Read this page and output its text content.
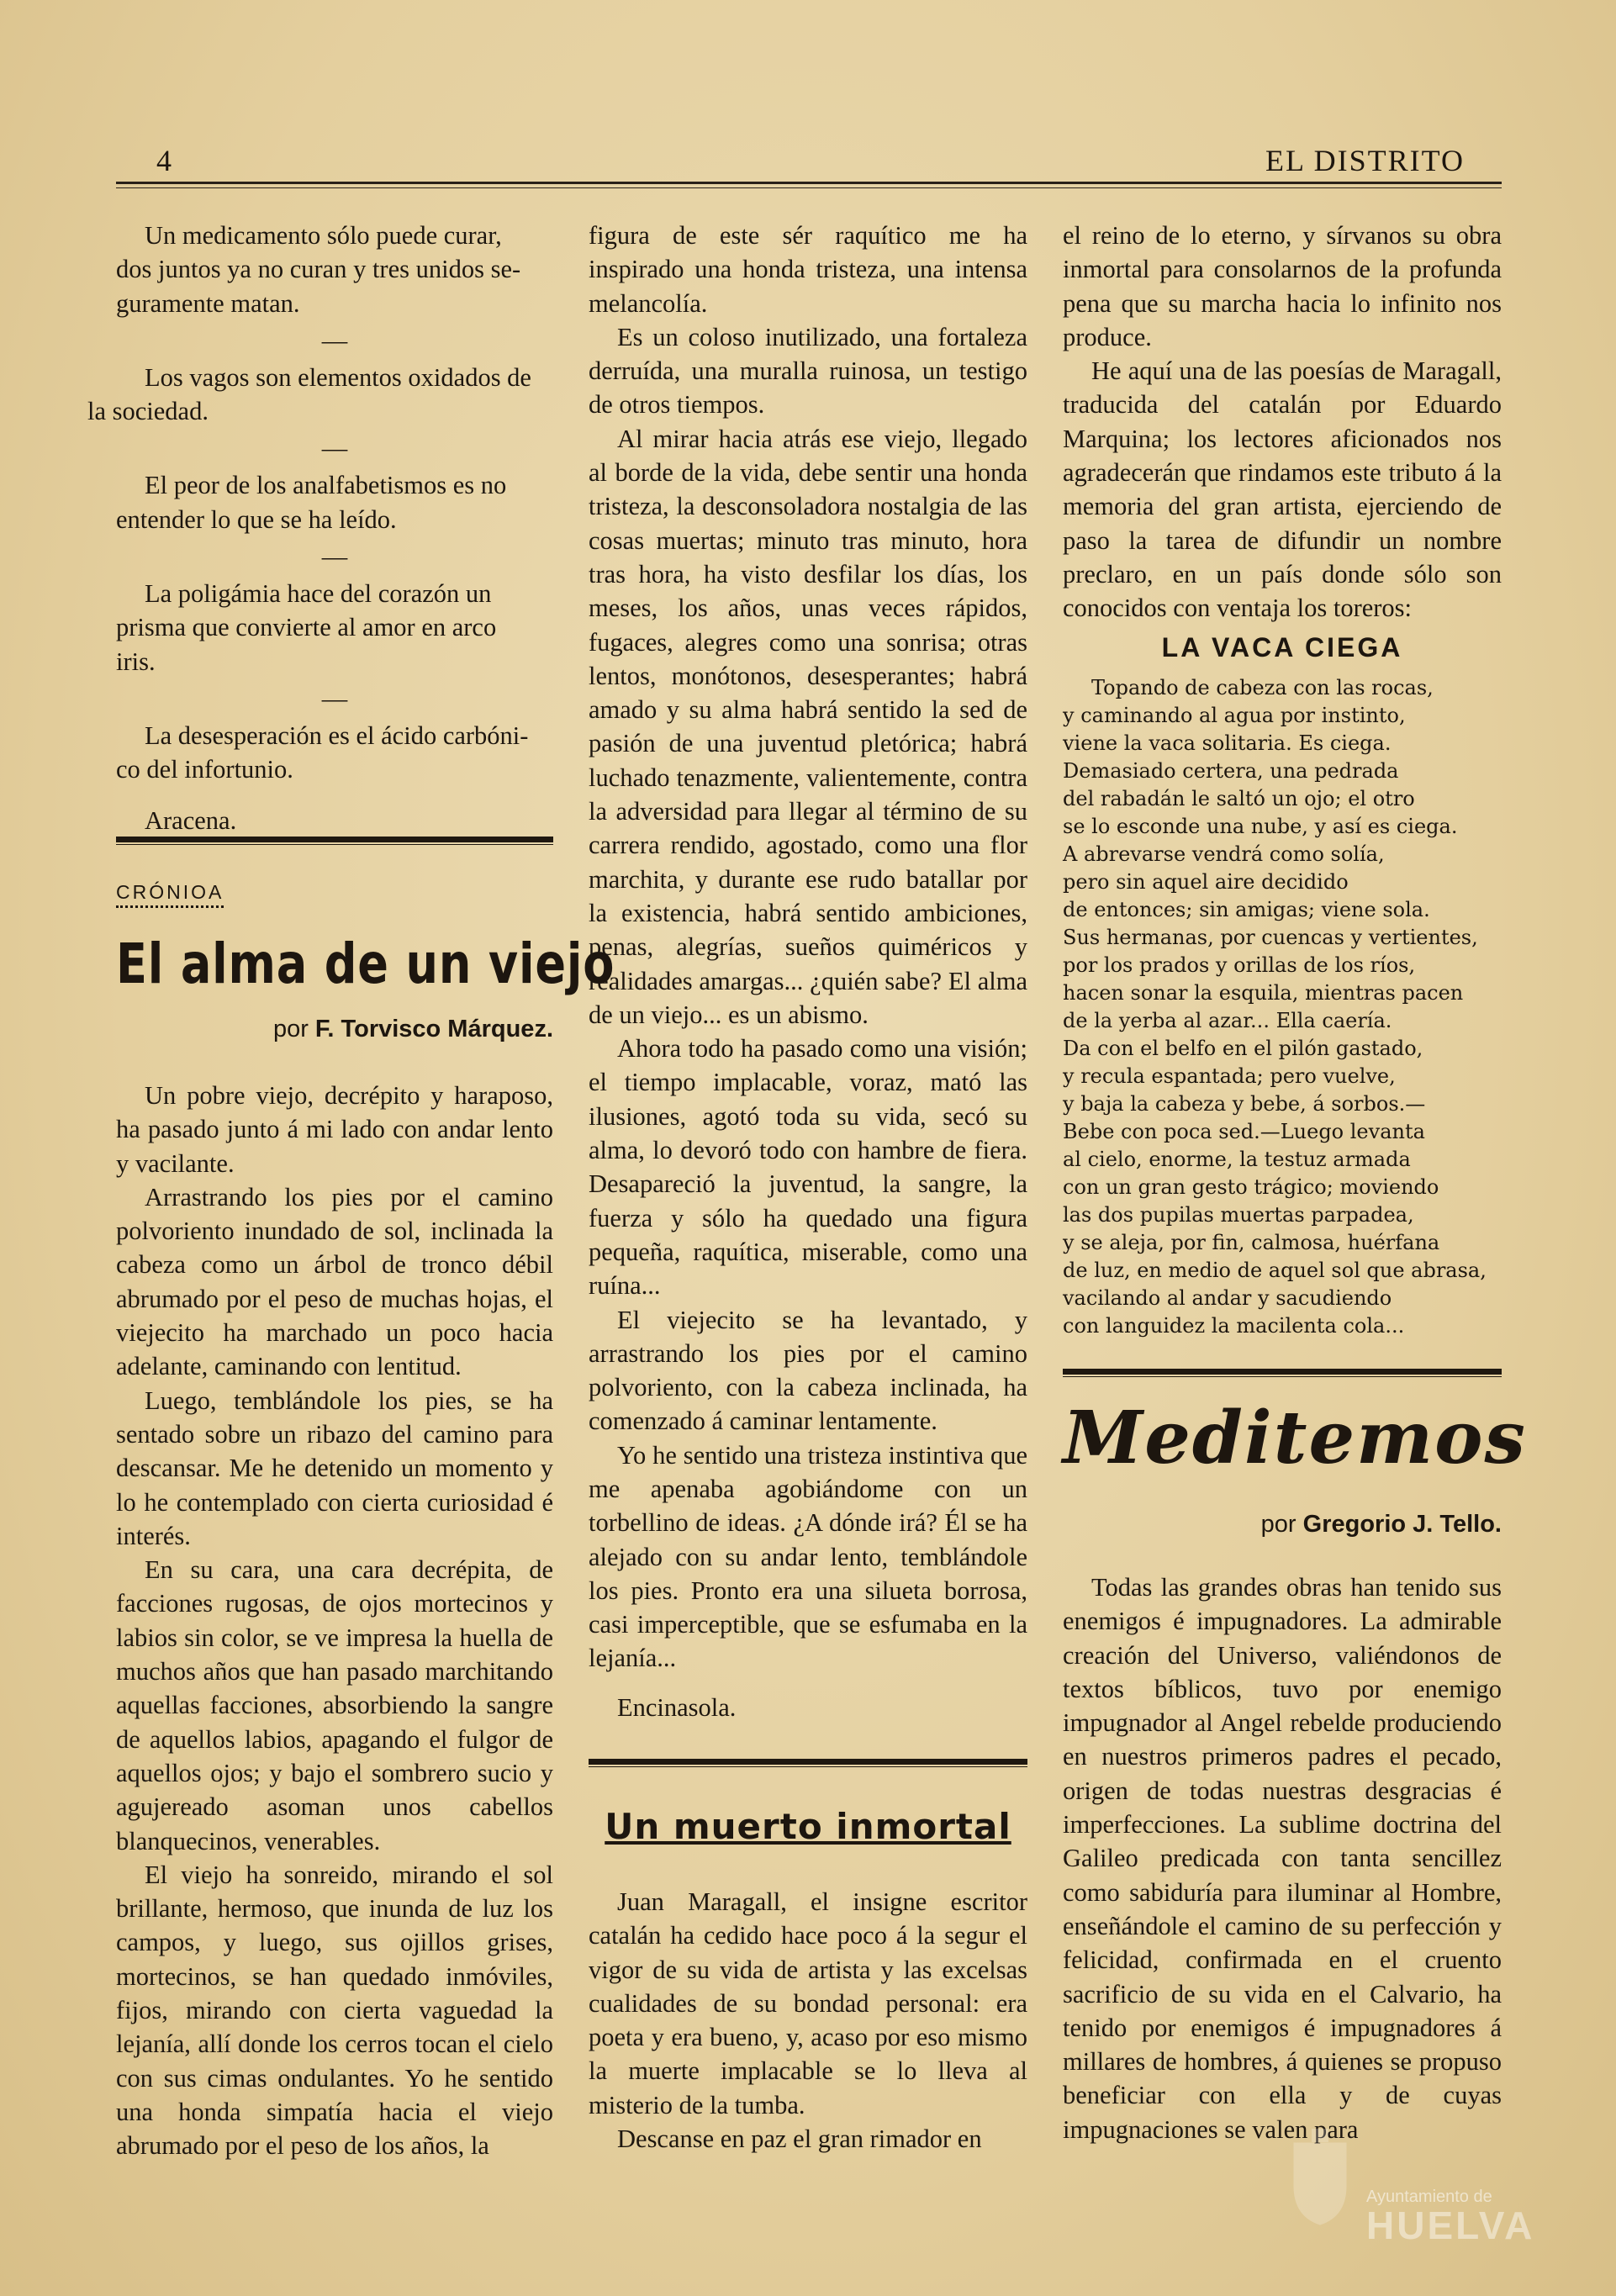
4	EL DISTRITO

Un medicamento sólo puede curar,
dos juntos ya no curan y tres unidos se-
guramente matan.

—

Los vagos son elementos oxidados de
la sociedad.

—

El peor de los analfabetismos es no
entender lo que se ha leído.

—

La poligámia hace del corazón un
prisma que convierte al amor en arco
iris.

—

La desesperación es el ácido carbóni-
co del infortunio.

Aracena.

CRÓNIOA
El alma de un viejo
por F. Torvisco Márquez.

Un pobre viejo, decrépito y haraposo, ha pasado junto á mi lado con andar lento y vacilante.

Arrastrando los pies por el camino polvoriento inundado de sol, inclinada la cabeza como un árbol de tronco débil abrumado por el peso de muchas hojas, el viejecito ha marchado un poco hacia adelante, caminando con lentitud.

Luego, temblándole los pies, se ha sentado sobre un ribazo del camino para descansar. Me he detenido un momento y lo he contemplado con cierta curiosidad é interés.

En su cara, una cara decrépita, de facciones rugosas, de ojos mortecinos y labios sin color, se ve impresa la huella de muchos años que han pasado marchitando aquellas facciones, absorbiendo la sangre de aquellos labios, apagando el fulgor de aquellos ojos; y bajo el sombrero sucio y agujereado asoman unos cabellos blanquecinos, venerables.

El viejo ha sonreido, mirando el sol brillante, hermoso, que inunda de luz los campos, y luego, sus ojillos grises, mortecinos, se han quedado inmóviles, fijos, mirando con cierta vaguedad la lejanía, allí donde los cerros tocan el cielo con sus cimas ondulantes. Yo he sentido una honda simpatía hacia el viejo abrumado por el peso de los años, la

figura de este sér raquítico me ha inspirado una honda tristeza, una intensa melancolía.

Es un coloso inutilizado, una fortaleza derruída, una muralla ruinosa, un testigo de otros tiempos.

Al mirar hacia atrás ese viejo, llegado al borde de la vida, debe sentir una honda tristeza, la desconsoladora nostalgia de las cosas muertas; minuto tras minuto, hora tras hora, ha visto desfilar los días, los meses, los años, unas veces rápidos, fugaces, alegres como una sonrisa; otras lentos, monótonos, desesperantes; habrá amado y su alma habrá sentido la sed de pasión de una juventud pletórica; habrá luchado tenazmente, valientemente, contra la adversidad para llegar al término de su carrera rendido, agostado, como una flor marchita, y durante ese rudo batallar por la existencia, habrá sentido ambiciones, penas, alegrías, sueños quiméricos y realidades amargas... ¿quién sabe? El alma de un viejo... es un abismo.

Ahora todo ha pasado como una visión; el tiempo implacable, voraz, mató las ilusiones, agotó toda su vida, secó su alma, lo devoró todo con hambre de fiera. Desapareció la juventud, la sangre, la fuerza y sólo ha quedado una figura pequeña, raquítica, miserable, como una ruína...

El viejecito se ha levantado, y arrastrando los pies por el camino polvoriento, con la cabeza inclinada, ha comenzado á caminar lentamente.

Yo he sentido una tristeza instintiva que me apenaba agobiándome con un torbellino de ideas. ¿A dónde irá? Él se ha alejado con su andar lento, temblándole los pies. Pronto era una silueta borrosa, casi imperceptible, que se esfumaba en la lejanía...

Encinasola.

Un muerto inmortal

Juan Maragall, el insigne escritor catalán ha cedido hace poco á la segur el vigor de su vida de artista y las excelsas cualidades de su bondad personal: era poeta y era bueno, y, acaso por eso mismo la muerte implacable se lo lleva al misterio de la tumba.

Descanse en paz el gran rimador en

el reino de lo eterno, y sírvanos su obra inmortal para consolarnos de la profunda pena que su marcha hacia lo infinito nos produce.

He aquí una de las poesías de Maragall, traducida del catalán por Eduardo Marquina; los lectores aficionados nos agradecerán que rindamos este tributo á la memoria del gran artista, ejerciendo de paso la tarea de difundir un nombre preclaro, en un país donde sólo son conocidos con ventaja los toreros:

LA VACA CIEGA
Topando de cabeza con las rocas,
y caminando al agua por instinto,
viene la vaca solitaria. Es ciega.
Demasiado certera, una pedrada
del rabadán le saltó un ojo; el otro
se lo esconde una nube, y así es ciega.
A abrevarse vendrá como solía,
pero sin aquel aire decidido
de entonces; sin amigas; viene sola.
Sus hermanas, por cuencas y vertientes,
por los prados y orillas de los ríos,
hacen sonar la esquila, mientras pacen
de la yerba al azar... Ella caería.
Da con el belfo en el pilón gastado,
y recula espantada; pero vuelve,
y baja la cabeza y bebe, á sorbos.—
Bebe con poca sed.—Luego levanta
al cielo, enorme, la testuz armada
con un gran gesto trágico; moviendo
las dos pupilas muertas parpadea,
y se aleja, por fin, calmosa, huérfana
de luz, en medio de aquel sol que abrasa,
vacilando al andar y sacudiendo
con languidez la macilenta cola...
Meditemos
por Gregorio J. Tello.

Todas las grandes obras han tenido sus enemigos é impugnadores. La admirable creación del Universo, valiéndonos de textos bíblicos, tuvo por enemigo impugnador al Angel rebelde produciendo en nuestros primeros padres el pecado, origen de todas nuestras desgracias é imperfecciones. La sublime doctrina del Galileo predicada con tanta sencillez como sabiduría para iluminar al Hombre, enseñándole el camino de su perfección y felicidad, confirmada en el cruento sacrificio de su vida en el Calvario, ha tenido por enemigos é impugnadores á millares de hombres, á quienes se propuso beneficiar con ella y de cuyas impugnaciones se valen para

Ayuntamiento de
HUELVA
